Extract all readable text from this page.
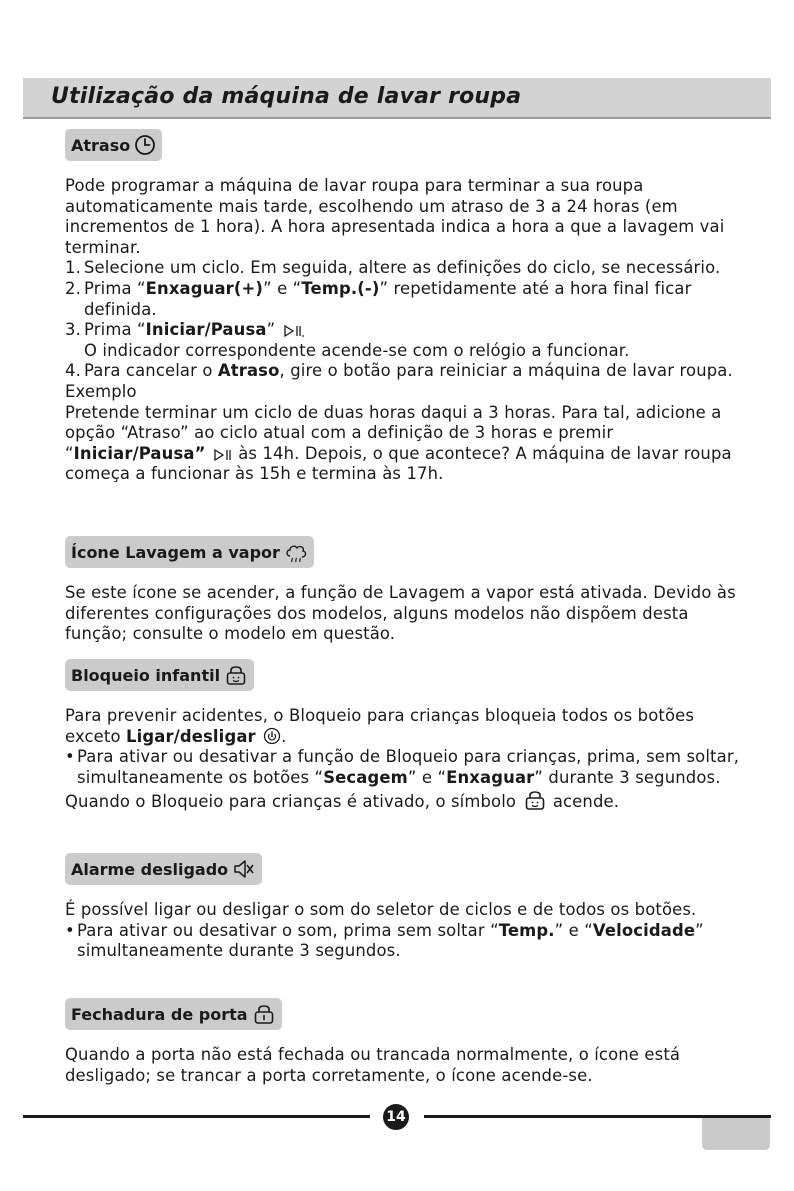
Utilização da máquina de lavar roupa
Atraso

Pode programar a máquina de lavar roupa para terminar a sua roupa automaticamente mais tarde, escolhendo um atraso de 3 a 24 horas (em incrementos de 1 hora). A hora apresentada indica a hora a que a lavagem vai terminar.

1. Selecione um ciclo. Em seguida, altere as definições do ciclo, se necessário.
2. Prima “Enxaguar(+)” e “Temp.(-)” repetidamente até a hora final ficar definida.
3. Prima “Iniciar/Pausa”
O indicador correspondente acende-se com o relógio a funcionar.
4. Para cancelar o Atraso, gire o botão para reiniciar a máquina de lavar roupa.

Exemplo

Pretende terminar um ciclo de duas horas daqui a 3 horas. Para tal, adicione a opção “Atraso” ao ciclo atual com a definição de 3 horas e premir “Iniciar/Pausa”  às 14h. Depois, o que acontece? A máquina de lavar roupa começa a funcionar às 15h e termina às 17h.

Ícone Lavagem a vapor

Se este ícone se acender, a função de Lavagem a vapor está ativada. Devido às diferentes configurações dos modelos, alguns modelos não dispõem desta função; consulte o modelo em questão.

Bloqueio infantil

Para prevenir acidentes, o Bloqueio para crianças bloqueia todos os botões exceto Ligar/desligar .

• Para ativar ou desativar a função de Bloqueio para crianças, prima, sem soltar, simultaneamente os botões “Secagem” e “Enxaguar” durante 3 segundos.

Quando o Bloqueio para crianças é ativado, o símbolo  acende.

Alarme desligado

É possível ligar ou desligar o som do seletor de ciclos e de todos os botões.

• Para ativar ou desativar o som, prima sem soltar “Temp.” e “Velocidade” simultaneamente durante 3 segundos.
Fechadura de porta

Quando a porta não está fechada ou trancada normalmente, o ícone está desligado; se trancar a porta corretamente, o ícone acende-se.

14
